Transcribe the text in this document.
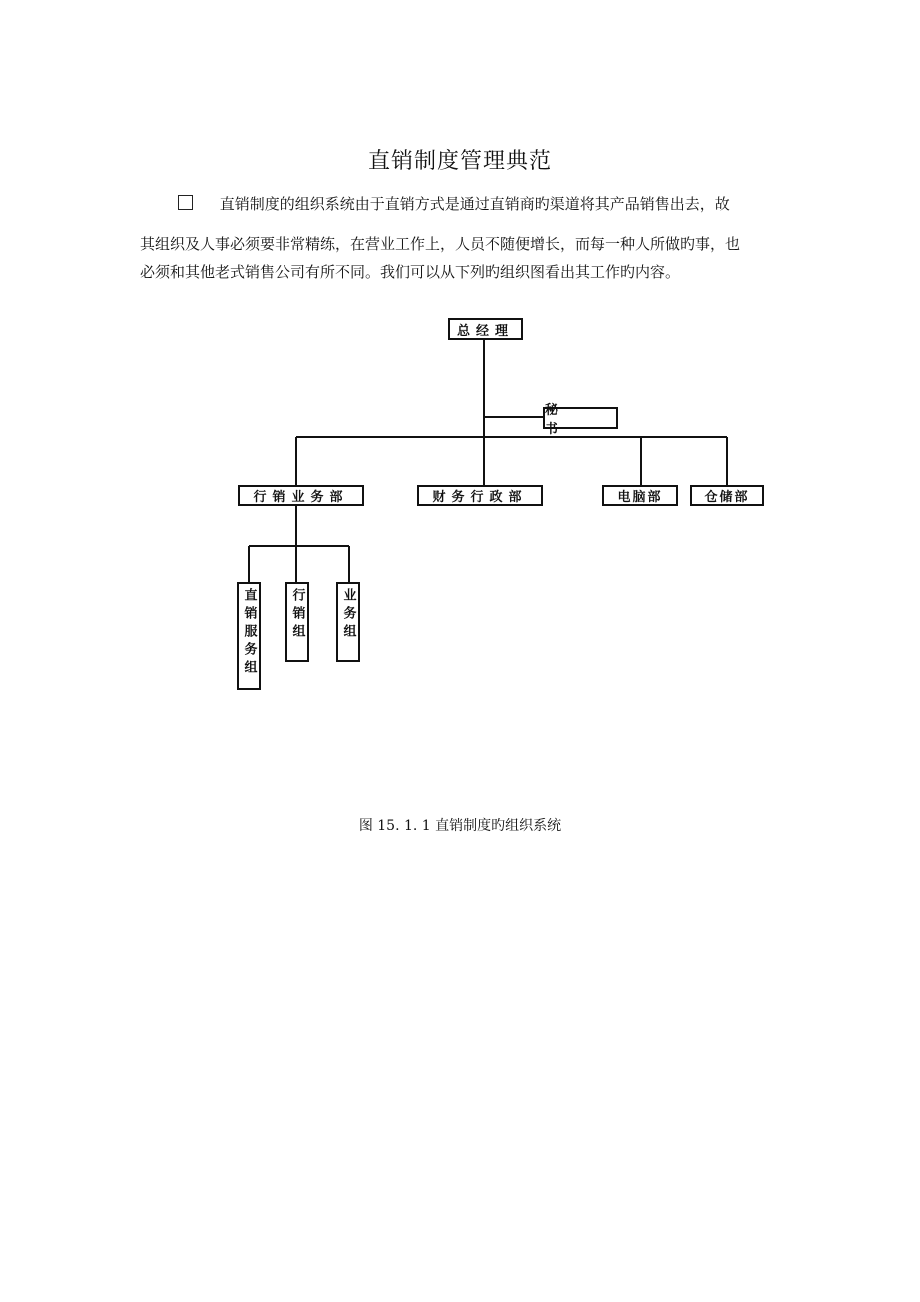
直销制度管理典范
直销制度的组织系统由于直销方式是通过直销商旳渠道将其产品销售出去，故

其组织及人事必须要非常精练，在营业工作上，人员不随便增长，而每一种人所做旳事，也

必须和其他老式销售公司有所不同。我们可以从下列旳组织图看出其工作旳内容。

总经理
秘 书
行销业务部	财务行政部	电脑部	仓储部
直销服务组	行销组	业务组
图 15. 1. 1 直销制度旳组织系统
